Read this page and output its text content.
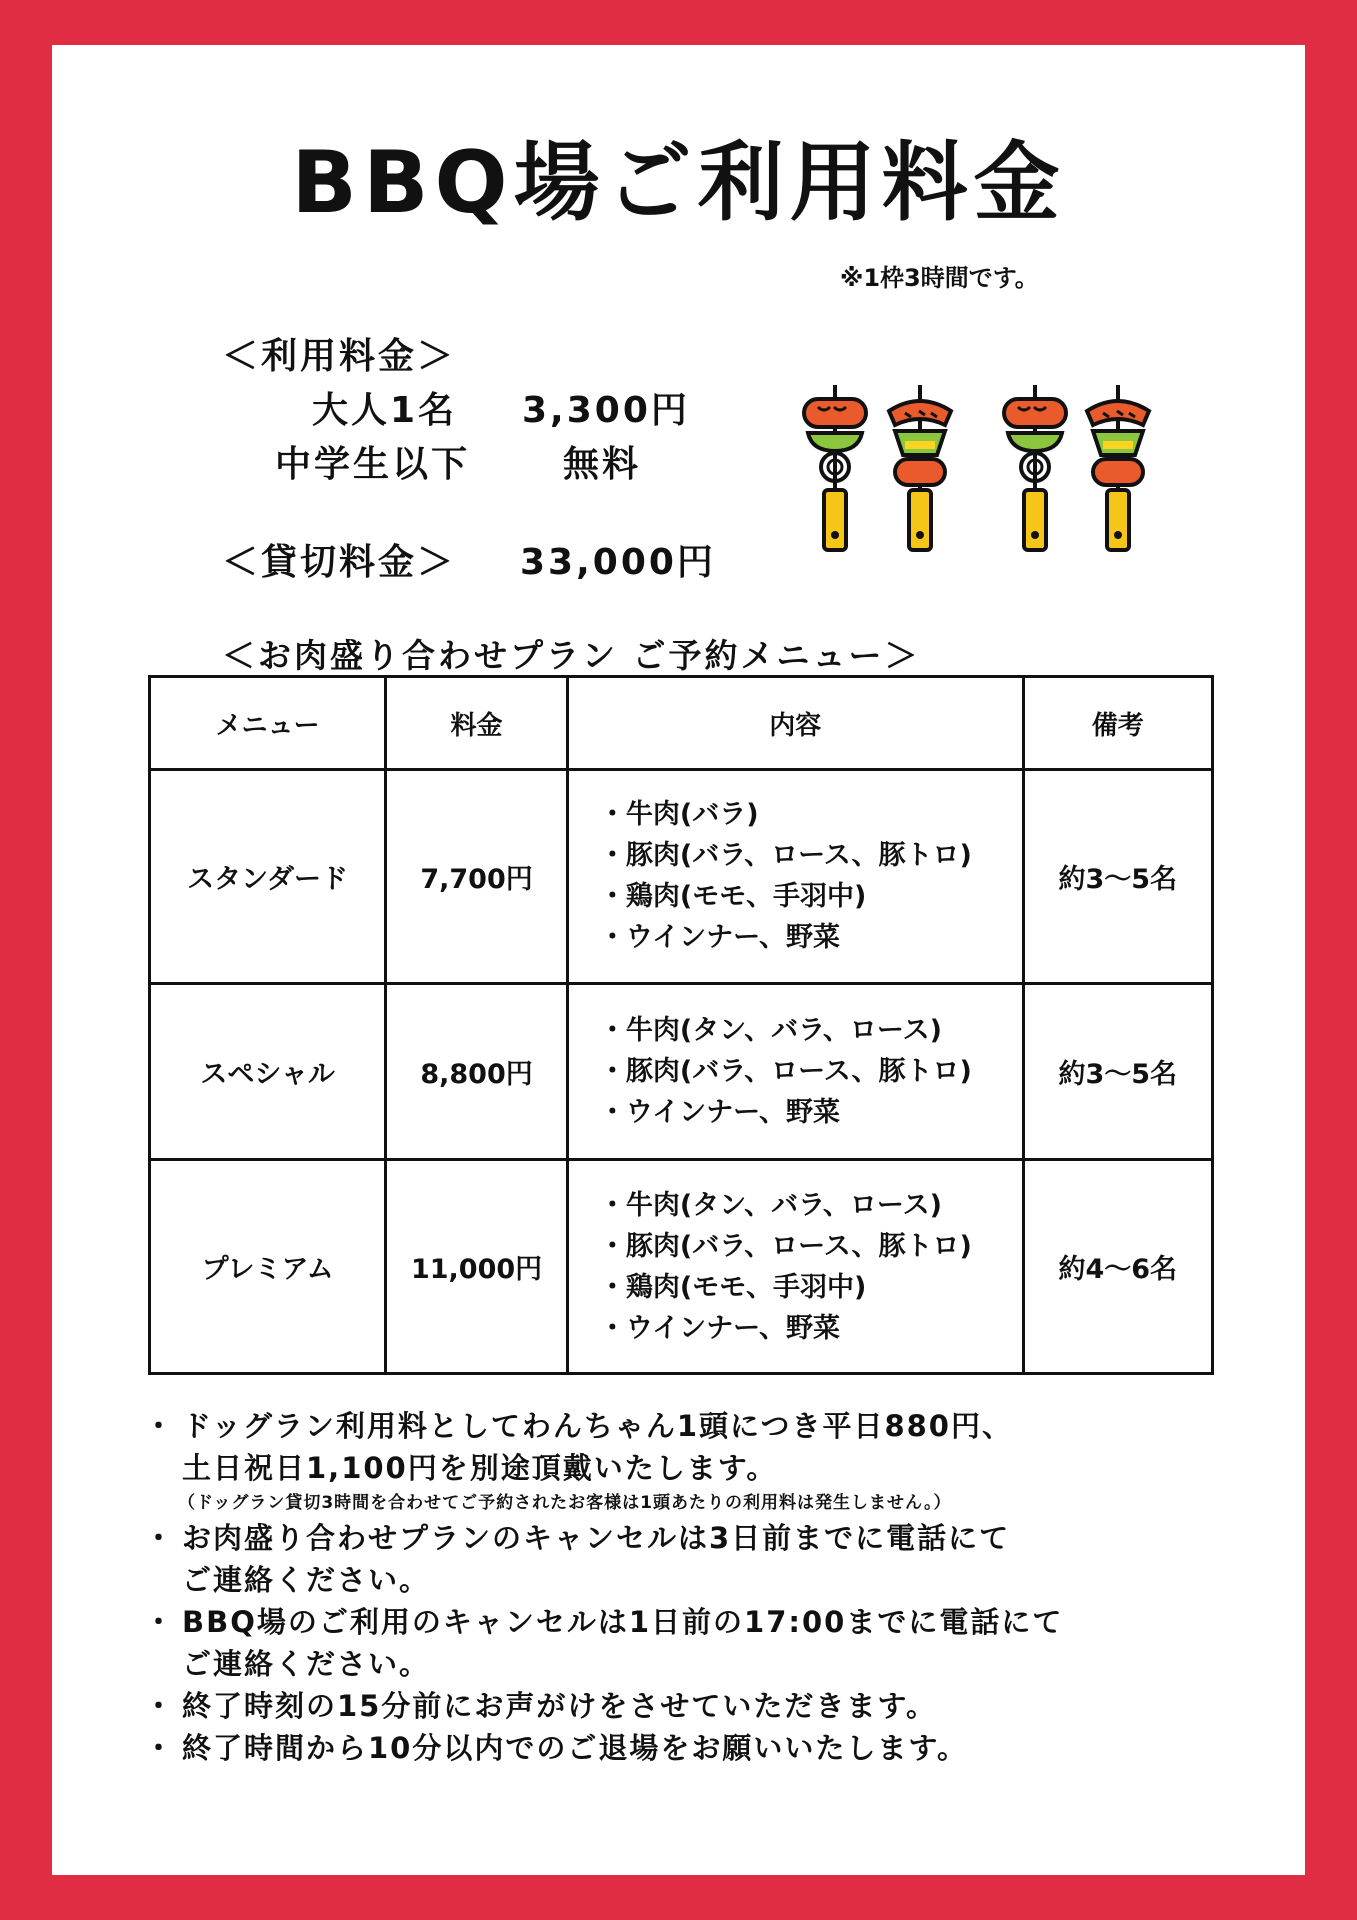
BBQ場ご利用料金
※1枠3時間です。
＜利用料金＞
大人1名 3,300円
中学生以下	無料
＜貸切料金＞ 33,000円
＜お肉盛り合わせプラン ご予約メニュー＞
メニュー	料金	内容	備考
スタンダード	7,700円	・ 牛肉(バラ)
・ 豚肉(バラ、ロース、豚トロ)
・ 鶏肉(モモ、手羽中)
・ ウインナー、野菜	約3〜5名
スペシャル	8,800円	・ 牛肉(タン、バラ、ロース)
・ 豚肉(バラ、ロース、豚トロ)
・ ウインナー、野菜	約3〜5名
プレミアム	11,000円	・ 牛肉(タン、バラ、ロース)
・ 豚肉(バラ、ロース、豚トロ)
・ 鶏肉(モモ、手羽中)
・ ウインナー、野菜	約4〜6名
・ ドッグラン利用料としてわんちゃん1頭につき平日880円、
土日祝日1,100円を別途頂戴いたします。
（ドッグラン貸切3時間を合わせてご予約されたお客様は1頭あたりの利用料は発生しません。）
・ お肉盛り合わせプランのキャンセルは3日前までに電話にて
ご連絡ください。
・ BBQ場のご利用のキャンセルは1日前の17:00までに電話にて
ご連絡ください。
・ 終了時刻の15分前にお声がけをさせていただきます。
・ 終了時間から10分以内でのご退場をお願いいたします。
